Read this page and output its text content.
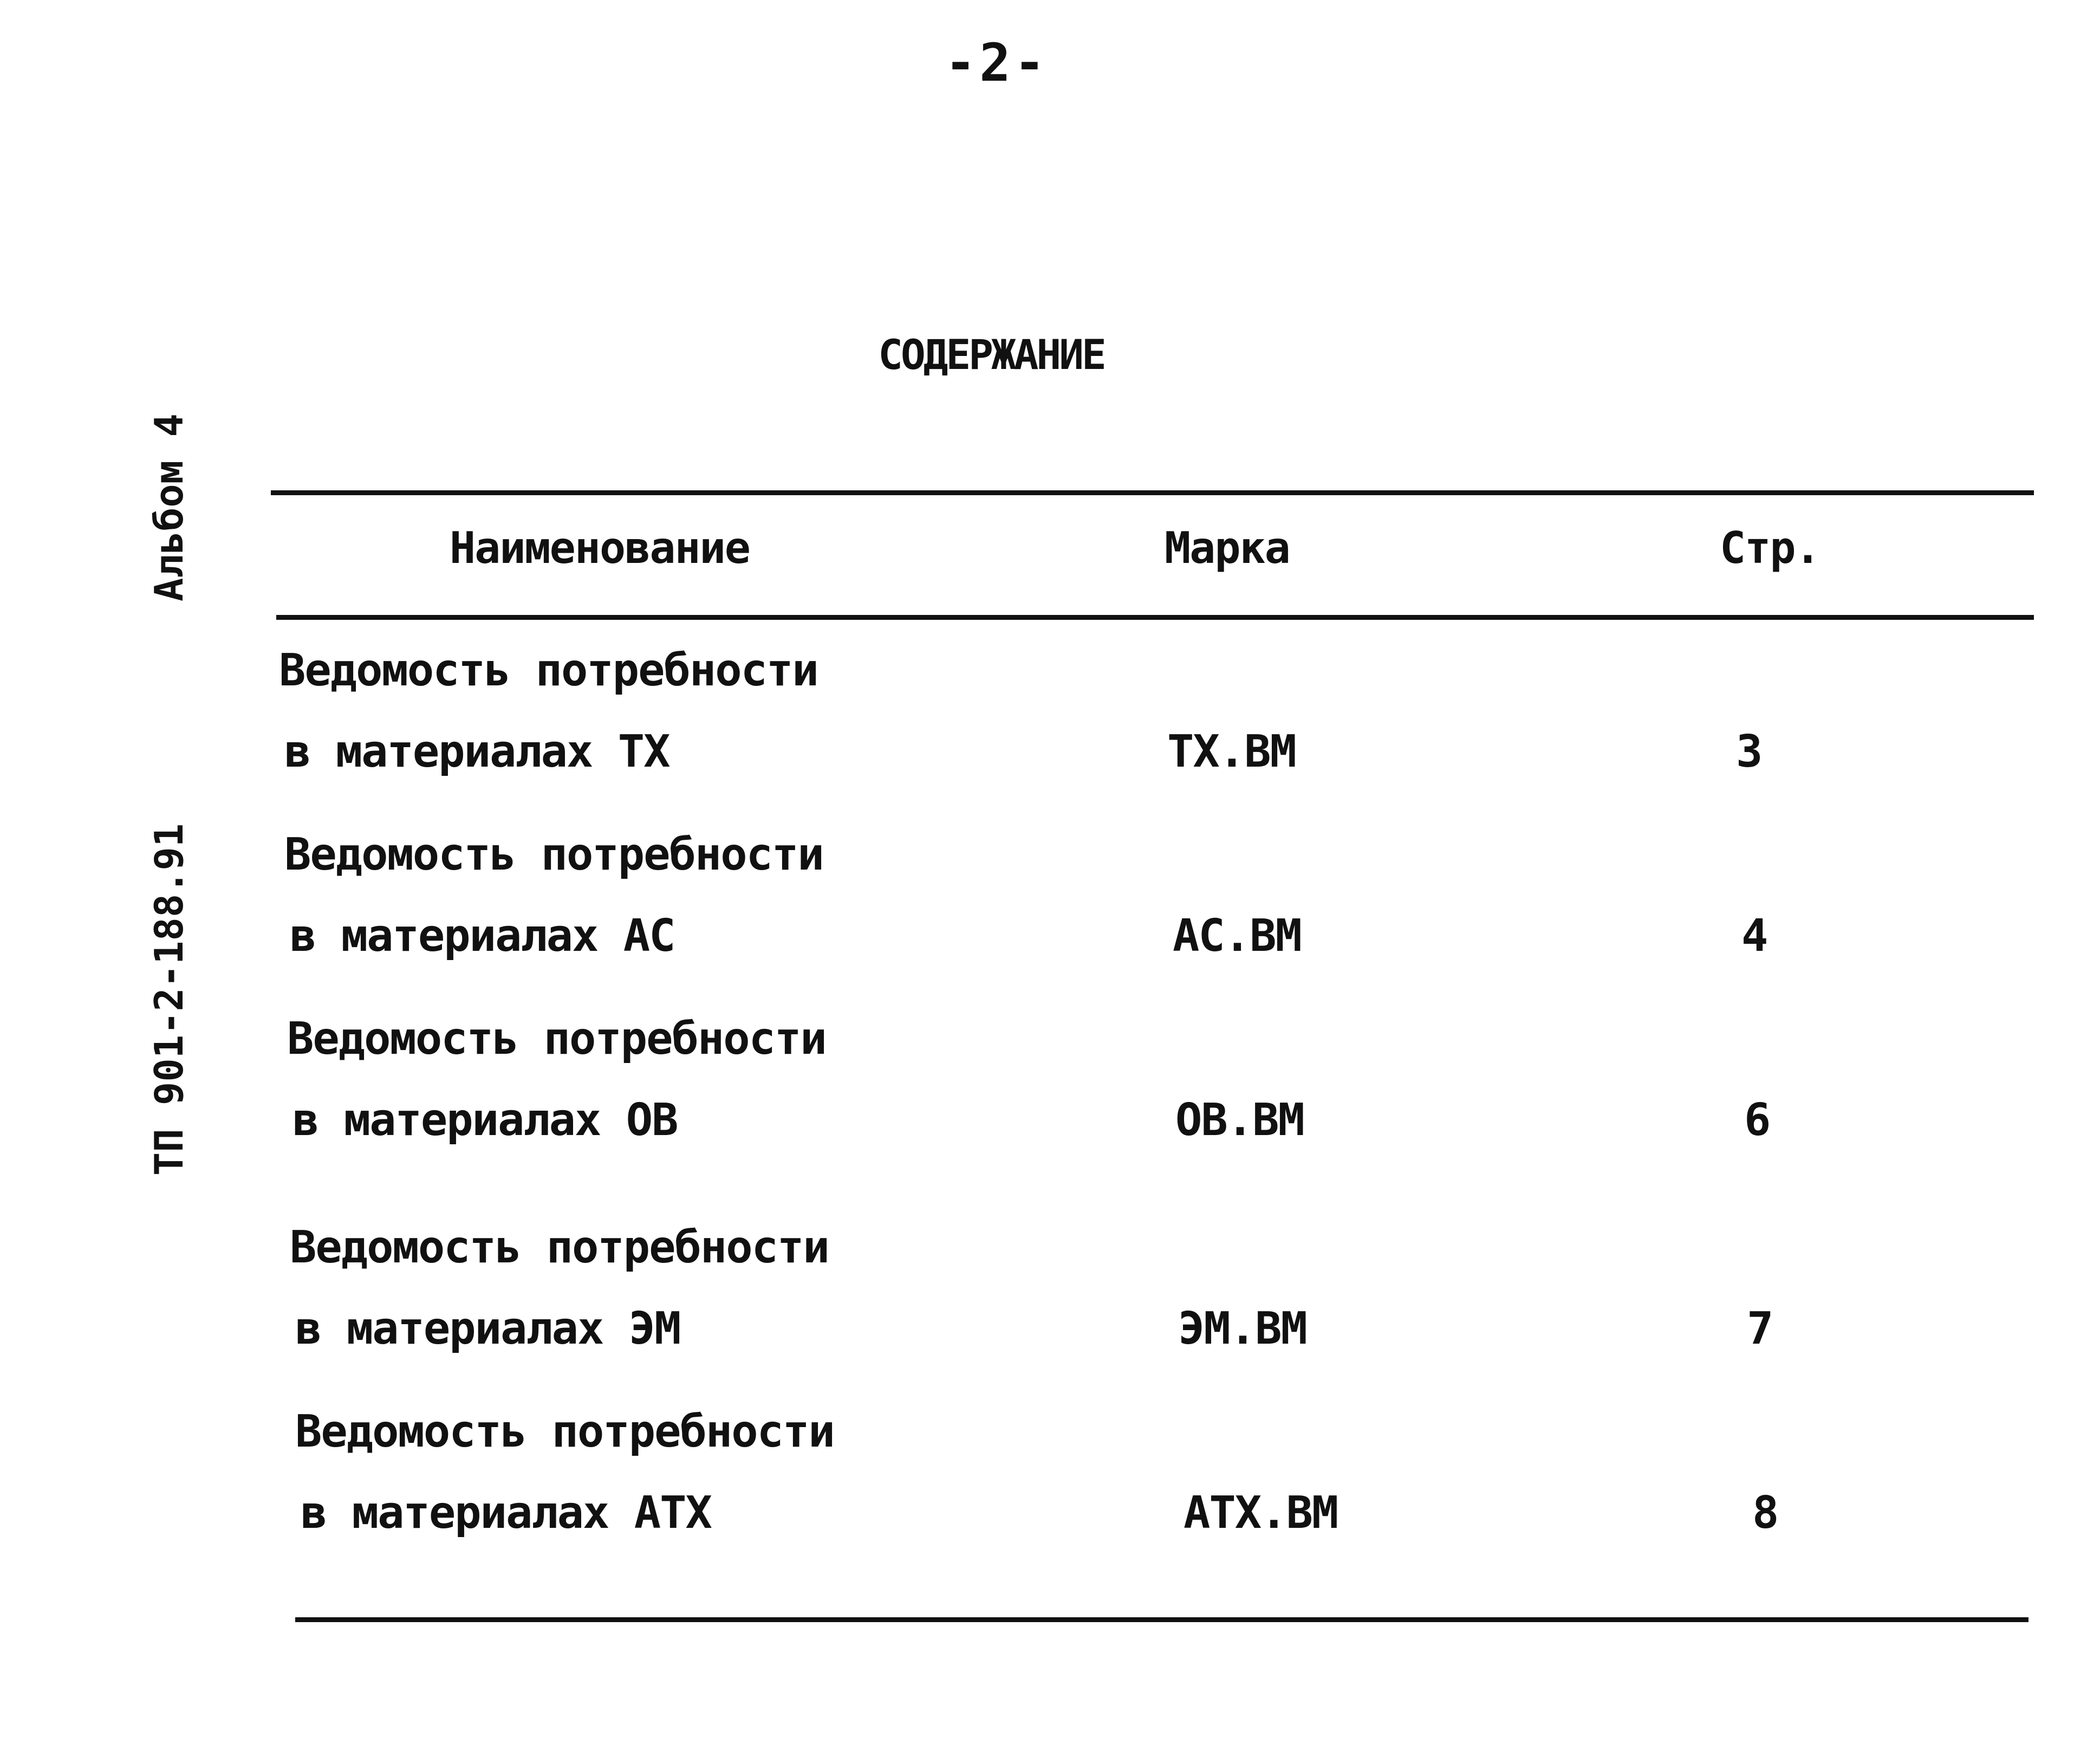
-2-
СОДЕРЖАНИЕ
Альбом 4
ТП 901-2-188.91
Наименование	Марка	Стр.
Ведомость потребности
в материалах ТХ	ТХ.ВМ	3
Ведомость потребности
в материалах АС	АС.ВМ	4
Ведомость потребности
в материалах ОВ	ОВ.ВМ	6
Ведомость потребности
в материалах ЭМ	ЭМ.ВМ	7
Ведомость потребности
в материалах АТХ	АТХ.ВМ	8
